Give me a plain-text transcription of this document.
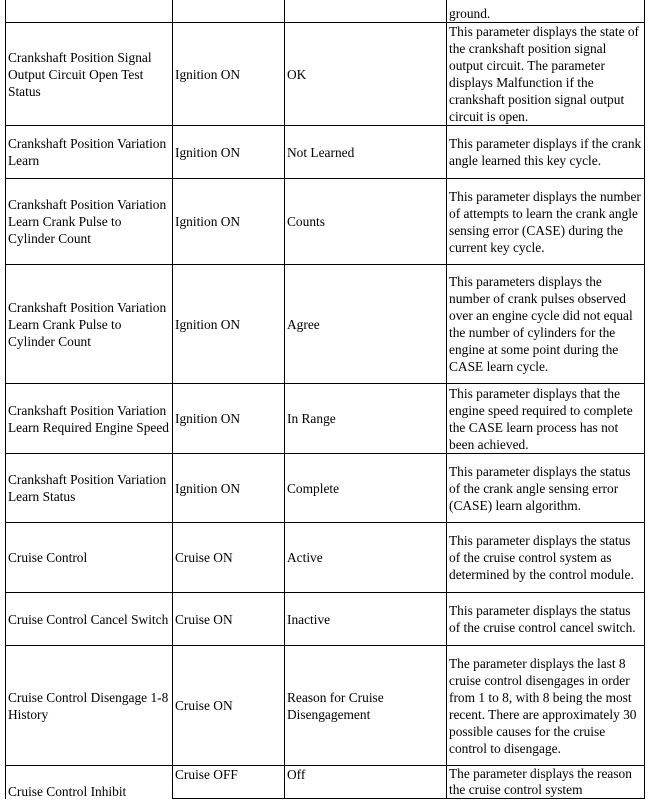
			ground.
Crankshaft Position Signal Output Circuit Open Test Status	Ignition ON	OK	This parameter displays the state of the crankshaft position signal output circuit. The parameter displays Malfunction if the crankshaft position signal output circuit is open.
Crankshaft Position Variation Learn	Ignition ON	Not Learned	This parameter displays if the crank angle learned this key cycle.
Crankshaft Position Variation Learn Crank Pulse to Cylinder Count	Ignition ON	Counts	This parameter displays the number of attempts to learn the crank angle sensing error (CASE) during the current key cycle.
Crankshaft Position Variation Learn Crank Pulse to Cylinder Count	Ignition ON	Agree	This parameters displays the number of crank pulses observed over an engine cycle did not equal the number of cylinders for the engine at some point during the CASE learn cycle.
Crankshaft Position Variation Learn Required Engine Speed	Ignition ON	In Range	This parameter displays that the engine speed required to complete the CASE learn process has not been achieved.
Crankshaft Position Variation Learn Status	Ignition ON	Complete	This parameter displays the status of the crank angle sensing error (CASE) learn algorithm.
Cruise Control	Cruise ON	Active	This parameter displays the status of the cruise control system as determined by the control module.
Cruise Control Cancel Switch	Cruise ON	Inactive	This parameter displays the status of the cruise control cancel switch.
Cruise Control Disengage 1-8 History	Cruise ON	Reason for Cruise Disengagement	The parameter displays the last 8 cruise control disengages in order from 1 to 8, with 8 being the most recent. There are approximately 30 possible causes for the cruise control to disengage.
Cruise Control Inhibit	Cruise OFF	Off	The parameter displays the reason the cruise control system
